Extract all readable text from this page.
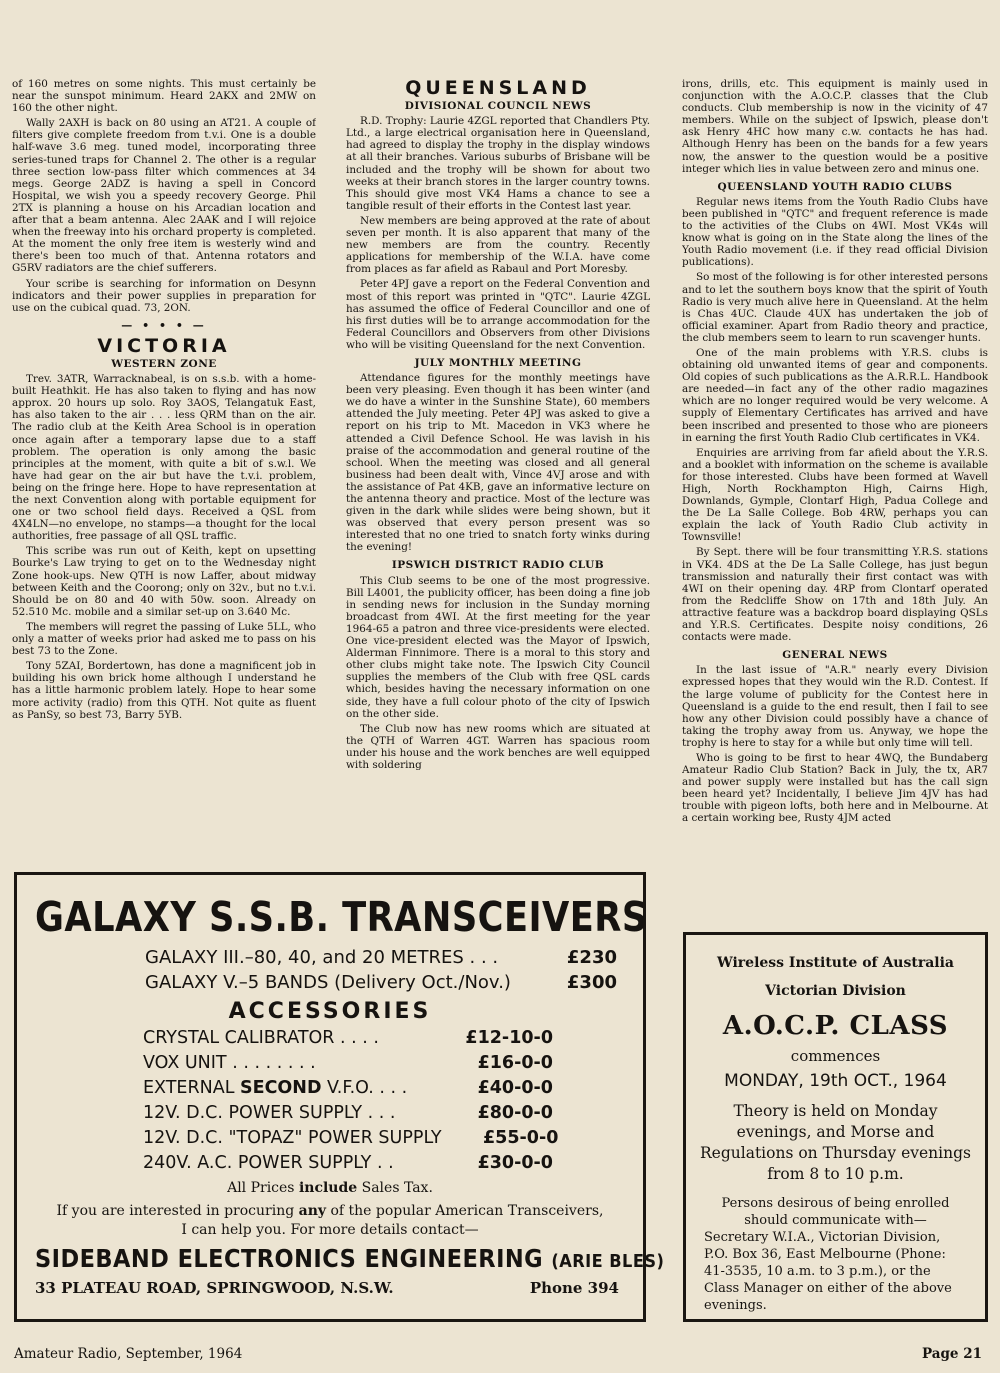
of 160 metres on some nights. This must certainly be near the sunspot minimum. Heard 2AKX and 2MW on 160 the other night.

Wally 2AXH is back on 80 using an AT21. A couple of filters give complete freedom from t.v.i. One is a double half-wave 3.6 meg. tuned model, incorporating three series-tuned traps for Channel 2. The other is a regular three section low-pass filter which commences at 34 megs. George 2ADZ is having a spell in Concord Hospital, we wish you a speedy recovery George. Phil 2TX is planning a house on his Arcadian location and after that a beam antenna. Alec 2AAK and I will rejoice when the freeway into his orchard property is completed. At the moment the only free item is westerly wind and there's been too much of that. Antenna rotators and G5RV radiators are the chief sufferers.

Your scribe is searching for information on Desynn indicators and their power supplies in preparation for use on the cubical quad. 73, 2ON.

— • • • —
VICTORIA
WESTERN ZONE

Trev. 3ATR, Warracknabeal, is on s.s.b. with a home-built Heathkit. He has also taken to flying and has now approx. 20 hours up solo. Roy 3AOS, Telangatuk East, has also taken to the air . . . less QRM than on the air. The radio club at the Keith Area School is in operation once again after a temporary lapse due to a staff problem. The operation is only among the basic principles at the moment, with quite a bit of s.w.l. We have had gear on the air but have the t.v.i. problem, being on the fringe here. Hope to have representation at the next Convention along with portable equipment for one or two school field days. Received a QSL from 4X4LN—no envelope, no stamps—a thought for the local authorities, free passage of all QSL traffic.

This scribe was run out of Keith, kept on upsetting Bourke's Law trying to get on to the Wednesday night Zone hook-ups. New QTH is now Laffer, about midway between Keith and the Coorong; only on 32v., but no t.v.i. Should be on 80 and 40 with 50w. soon. Already on 52.510 Mc. mobile and a similar set-up on 3.640 Mc.

The members will regret the passing of Luke 5LL, who only a matter of weeks prior had asked me to pass on his best 73 to the Zone.

Tony 5ZAI, Bordertown, has done a magnificent job in building his own brick home although I understand he has a little harmonic problem lately. Hope to hear some more activity (radio) from this QTH. Not quite as fluent as PanSy, so best 73, Barry 5YB.

QUEENSLAND
DIVISIONAL COUNCIL NEWS

R.D. Trophy: Laurie 4ZGL reported that Chandlers Pty. Ltd., a large electrical organisation here in Queensland, had agreed to display the trophy in the display windows at all their branches. Various suburbs of Brisbane will be included and the trophy will be shown for about two weeks at their branch stores in the larger country towns. This should give most VK4 Hams a chance to see a tangible result of their efforts in the Contest last year.

New members are being approved at the rate of about seven per month. It is also apparent that many of the new members are from the country. Recently applications for membership of the W.I.A. have come from places as far afield as Rabaul and Port Moresby.

Peter 4PJ gave a report on the Federal Convention and most of this report was printed in "QTC". Laurie 4ZGL has assumed the office of Federal Councillor and one of his first duties will be to arrange accommodation for the Federal Councillors and Observers from other Divisions who will be visiting Queensland for the next Convention.

JULY MONTHLY MEETING

Attendance figures for the monthly meetings have been very pleasing. Even though it has been winter (and we do have a winter in the Sunshine State), 60 members attended the July meeting. Peter 4PJ was asked to give a report on his trip to Mt. Macedon in VK3 where he attended a Civil Defence School. He was lavish in his praise of the accommodation and general routine of the school. When the meeting was closed and all general business had been dealt with, Vince 4VJ arose and with the assistance of Pat 4KB, gave an informative lecture on the antenna theory and practice. Most of the lecture was given in the dark while slides were being shown, but it was observed that every person present was so interested that no one tried to snatch forty winks during the evening!

IPSWICH DISTRICT RADIO CLUB

This Club seems to be one of the most progressive. Bill L4001, the publicity officer, has been doing a fine job in sending news for inclusion in the Sunday morning broadcast from 4WI. At the first meeting for the year 1964-65 a patron and three vice-presidents were elected. One vice-president elected was the Mayor of Ipswich, Alderman Finnimore. There is a moral to this story and other clubs might take note. The Ipswich City Council supplies the members of the Club with free QSL cards which, besides having the necessary information on one side, they have a full colour photo of the city of Ipswich on the other side.

The Club now has new rooms which are situated at the QTH of Warren 4GT. Warren has spacious room under his house and the work benches are well equipped with soldering

irons, drills, etc. This equipment is mainly used in conjunction with the A.O.C.P. classes that the Club conducts. Club membership is now in the vicinity of 47 members. While on the subject of Ipswich, please don't ask Henry 4HC how many c.w. contacts he has had. Although Henry has been on the bands for a few years now, the answer to the question would be a positive integer which lies in value between zero and minus one.

QUEENSLAND YOUTH RADIO CLUBS

Regular news items from the Youth Radio Clubs have been published in "QTC" and frequent reference is made to the activities of the Clubs on 4WI. Most VK4s will know what is going on in the State along the lines of the Youth Radio movement (i.e. if they read official Division publications).

So most of the following is for other interested persons and to let the southern boys know that the spirit of Youth Radio is very much alive here in Queensland. At the helm is Chas 4UC. Claude 4UX has undertaken the job of official examiner. Apart from Radio theory and practice, the club members seem to learn to run scavenger hunts.

One of the main problems with Y.R.S. clubs is obtaining old unwanted items of gear and components. Old copies of such publications as the A.R.R.L. Handbook are needed—in fact any of the other radio magazines which are no longer required would be very welcome. A supply of Elementary Certificates has arrived and have been inscribed and presented to those who are pioneers in earning the first Youth Radio Club certificates in VK4.

Enquiries are arriving from far afield about the Y.R.S. and a booklet with information on the scheme is available for those interested. Clubs have been formed at Wavell High, North Rockhampton High, Cairns High, Downlands, Gymple, Clontarf High, Padua College and the De La Salle College. Bob 4RW, perhaps you can explain the lack of Youth Radio Club activity in Townsville!

By Sept. there will be four transmitting Y.R.S. stations in VK4. 4DS at the De La Salle College, has just begun transmission and naturally their first contact was with 4WI on their opening day. 4RP from Clontarf operated from the Redcliffe Show on 17th and 18th July. An attractive feature was a backdrop board displaying QSLs and Y.R.S. Certificates. Despite noisy conditions, 26 contacts were made.

GENERAL NEWS

In the last issue of "A.R." nearly every Division expressed hopes that they would win the R.D. Contest. If the large volume of publicity for the Contest here in Queensland is a guide to the end result, then I fail to see how any other Division could possibly have a chance of taking the trophy away from us. Anyway, we hope the trophy is here to stay for a while but only time will tell.

Who is going to be first to hear 4WQ, the Bundaberg Amateur Radio Club Station? Back in July, the tx, AR7 and power supply were installed but has the call sign been heard yet? Incidentally, I believe Jim 4JV has had trouble with pigeon lofts, both here and in Melbourne. At a certain working bee, Rusty 4JM acted

GALAXY S.S.B. TRANSCEIVERS
GALAXY III.–80, 40, and 20 METRES . . .	£230
GALAXY V.–5 BANDS (Delivery Oct./Nov.)	£300
ACCESSORIES
CRYSTAL CALIBRATOR . . . .	£12-10-0
VOX UNIT . . . . . . . .	£16-0-0
EXTERNAL SECOND V.F.O. . . .	£40-0-0
12V. D.C. POWER SUPPLY . . .	£80-0-0
12V. D.C. "TOPAZ" POWER SUPPLY	£55-0-0
240V. A.C. POWER SUPPLY . .	£30-0-0
All Prices include Sales Tax.
If you are interested in procuring any of the popular American Transceivers,
I can help you. For more details contact—
SIDEBAND ELECTRONICS ENGINEERING (ARIE BLES)
33 PLATEAU ROAD, SPRINGWOOD, N.S.W.	Phone 394
Wireless Institute of Australia
Victorian Division
A.O.C.P. CLASS
commences
MONDAY, 19th OCT., 1964
Theory is held on Monday evenings, and Morse and Regulations on Thursday evenings from 8 to 10 p.m.
Persons desirous of being enrolled should communicate with—
Secretary W.I.A., Victorian Division, P.O. Box 36, East Melbourne (Phone: 41-3535, 10 a.m. to 3 p.m.), or the Class Manager on either of the above evenings.
Amateur Radio, September, 1964	Page 21
